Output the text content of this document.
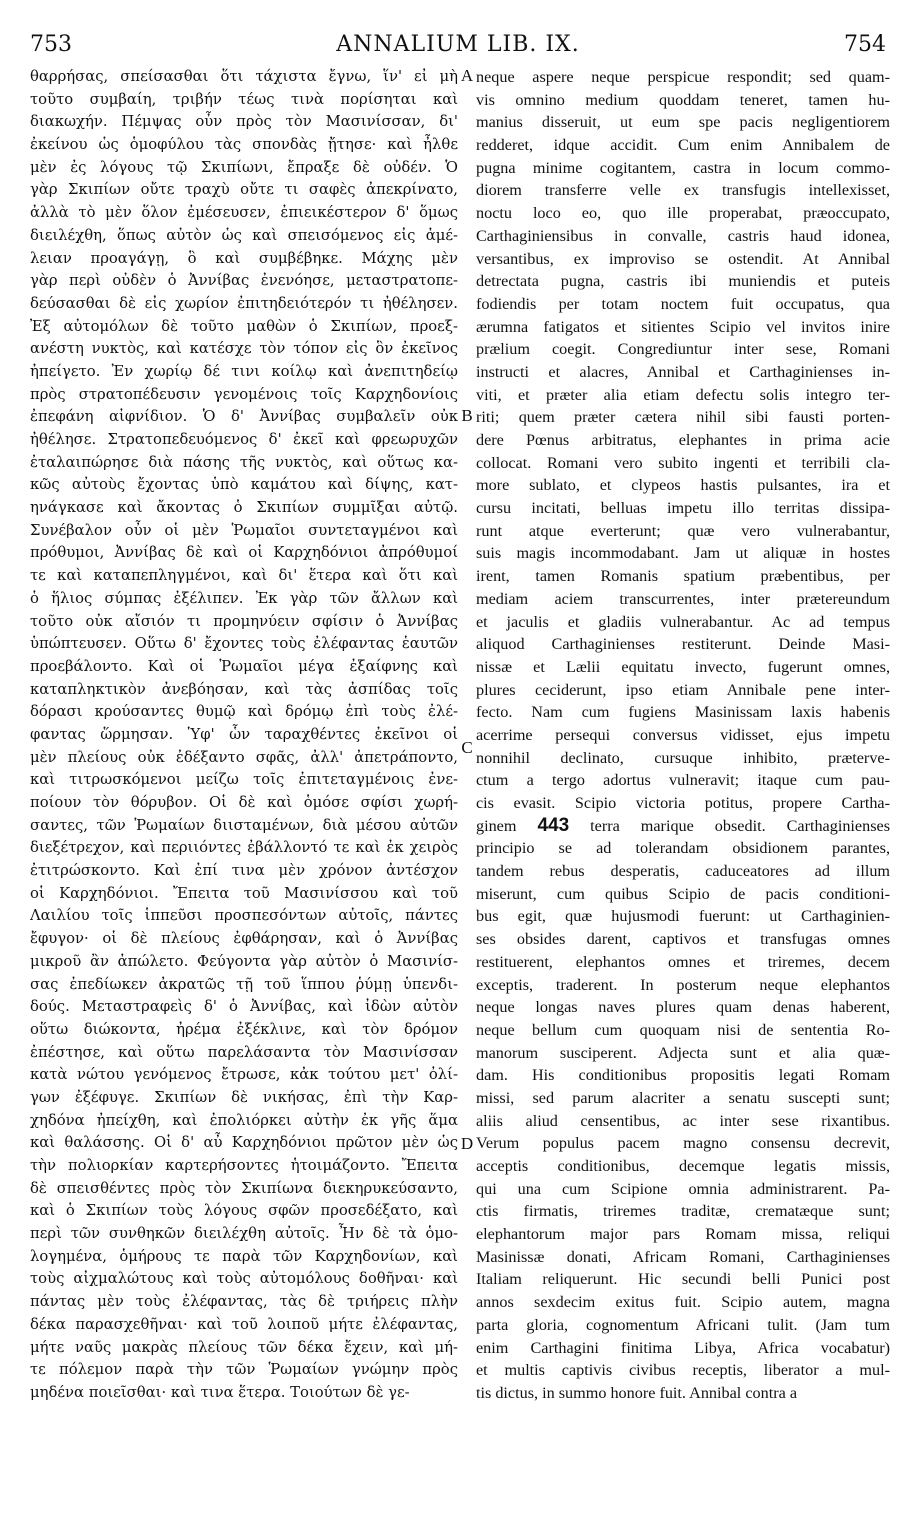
753	ANNALIUM LIB. IX.	754
θαρρήσας, σπείσασθαι ὅτι τάχιστα ἔγνω, ἵν' εἰ μὴ
τοῦτο συμβαίη, τριβήν τέως τινὰ πορίσηται καὶ
διακωχήν. Πέμψας οὖν πρὸς τὸν Μασινίσσαν, δι'
ἐκείνου ὡς ὁμοφύλου τὰς σπονδὰς ᾔτησε· καὶ ἦλθε
μὲν ἐς λόγους τῷ Σκιπίωνι, ἔπραξε δὲ οὐδέν. Ὁ
γὰρ Σκιπίων οὔτε τραχὺ οὔτε τι σαφὲς ἀπεκρίνατο,
ἀλλὰ τὸ μὲν ὅλον ἐμέσευσεν, ἐπιεικέστερον δ' ὅμως
διειλέχθη, ὅπως αὐτὸν ὡς καὶ σπεισόμενος εἰς ἀμέ-
λειαν προαγάγῃ, ὃ καὶ συμβέβηκε. Μάχης μὲν
γὰρ περὶ οὐδὲν ὁ Ἀννίβας ἐνενόησε, μεταστρατοπε-
δεύσασθαι δὲ εἰς χωρίον ἐπιτηδειότερόν τι ἠθέλησεν.
Ἐξ αὐτομόλων δὲ τοῦτο μαθὼν ὁ Σκιπίων, προεξ-
ανέστη νυκτὸς, καὶ κατέσχε τὸν τόπον εἰς ὃν ἐκεῖνος
ἠπείγετο. Ἐν χωρίῳ δέ τινι κοίλῳ καὶ ἀνεπιτηδείῳ
πρὸς στρατοπέδευσιν γενομένοις τοῖς Καρχηδονίοις
ἐπεφάνη αἰφνίδιον. Ὁ δ' Ἀννίβας συμβαλεῖν οὐκ
ἠθέλησε. Στρατοπεδευόμενος δ' ἐκεῖ καὶ φρεωρυχῶν
ἐταλαιπώρησε διὰ πάσης τῆς νυκτὸς, καὶ οὕτως κα-
κῶς αὐτοὺς ἔχοντας ὑπὸ καμάτου καὶ δίψης, κατ-
ηνάγκασε καὶ ἄκοντας ὁ Σκιπίων συμμῖξαι αὐτῷ.
Συνέβαλον οὖν οἱ μὲν Ῥωμαῖοι συντεταγμένοι καὶ
πρόθυμοι, Ἀννίβας δὲ καὶ οἱ Καρχηδόνιοι ἀπρόθυμοί
τε καὶ καταπεπληγμένοι, καὶ δι' ἕτερα καὶ ὅτι καὶ
ὁ ἥλιος σύμπας ἐξέλιπεν. Ἐκ γὰρ τῶν ἄλλων καὶ
τοῦτο οὐκ αἴσιόν τι προμηνύειν σφίσιν ὁ Ἀννίβας
ὑπώπτευσεν. Οὕτω δ' ἔχοντες τοὺς ἐλέφαντας ἑαυτῶν
προεβάλοντο. Καὶ οἱ Ῥωμαῖοι μέγα ἐξαίφνης καὶ
καταπληκτικὸν ἀνεβόησαν, καὶ τὰς ἀσπίδας τοῖς
δόρασι κρούσαντες θυμῷ καὶ δρόμῳ ἐπὶ τοὺς ἐλέ-
φαντας ὥρμησαν. Ὑφ' ὧν ταραχθέντες ἐκεῖνοι οἱ
μὲν πλείους οὐκ ἐδέξαντο σφᾶς, ἀλλ' ἀπετράποντο,
καὶ τιτρωσκόμενοι μείζω τοῖς ἐπιτεταγμένοις ἐνε-
ποίουν τὸν θόρυβον. Οἱ δὲ καὶ ὁμόσε σφίσι χωρή-
σαντες, τῶν Ῥωμαίων διισταμένων, διὰ μέσου αὐτῶν
διεξέτρεχον, καὶ περιιόντες ἐβάλλοντό τε καὶ ἐκ χειρὸς
ἐτιτρώσκοντο. Καὶ ἐπί τινα μὲν χρόνον ἀντέσχον
οἱ Καρχηδόνιοι. Ἔπειτα τοῦ Μασινίσσου καὶ τοῦ
Λαιλίου τοῖς ἱππεῦσι προσπεσόντων αὐτοῖς, πάντες
ἔφυγον· οἱ δὲ πλείους ἐφθάρησαν, καὶ ὁ Ἀννίβας
μικροῦ ἂν ἀπώλετο. Φεύγοντα γὰρ αὐτὸν ὁ Μασινίσ-
σας ἐπεδίωκεν ἀκρατῶς τῇ τοῦ ἵππου ῥύμῃ ὑπενδι-
δούς. Μεταστραφεὶς δ' ὁ Ἀννίβας, καὶ ἰδὼν αὐτὸν
οὕτω διώκοντα, ἠρέμα ἐξέκλινε, καὶ τὸν δρόμον
ἐπέστησε, καὶ οὕτω παρελάσαντα τὸν Μασινίσσαν
κατὰ νώτου γενόμενος ἔτρωσε, κἀκ τούτου μετ' ὀλί-
γων ἐξέφυγε. Σκιπίων δὲ νικήσας, ἐπὶ τὴν Καρ-
χηδόνα ἠπείχθη, καὶ ἐπολιόρκει αὐτὴν ἐκ γῆς ἅμα
καὶ θαλάσσης. Οἱ δ' αὖ Καρχηδόνιοι πρῶτον μὲν ὡς
τὴν πολιορκίαν καρτερήσοντες ἡτοιμάζοντο. Ἔπειτα
δὲ σπεισθέντες πρὸς τὸν Σκιπίωνα διεκηρυκεύσαντο,
καὶ ὁ Σκιπίων τοὺς λόγους σφῶν προσεδέξατο, καὶ
περὶ τῶν συνθηκῶν διειλέχθη αὐτοῖς. Ἦν δὲ τὰ ὁμο-
λογημένα, ὁμήρους τε παρὰ τῶν Καρχηδονίων, καὶ
τοὺς αἰχμαλώτους καὶ τοὺς αὐτομόλους δοθῆναι· καὶ
πάντας μὲν τοὺς ἐλέφαντας, τὰς δὲ τριήρεις πλὴν
δέκα παρασχεθῆναι· καὶ τοῦ λοιποῦ μήτε ἐλέφαντας,
μήτε ναῦς μακρὰς πλείους τῶν δέκα ἔχειν, καὶ μή-
τε πόλεμον παρὰ τὴν τῶν Ῥωμαίων γνώμην πρὸς
μηδένα ποιεῖσθαι· καὶ τινα ἕτερα. Τοιούτων δὲ γε-
neque aspere neque perspicue respondit; sed quam-
vis omnino medium quoddam teneret, tamen hu-
manius disseruit, ut eum spe pacis negligentiorem
redderet, idque accidit. Cum enim Annibalem de
pugna minime cogitantem, castra in locum commo-
diorem transferre velle ex transfugis intellexisset,
noctu loco eo, quo ille properabat, præoccupato,
Carthaginiensibus in convalle, castris haud idonea,
versantibus, ex improviso se ostendit. At Annibal
detrectata pugna, castris ibi muniendis et puteis
fodiendis per totam noctem fuit occupatus, qua
ærumna fatigatos et sitientes Scipio vel invitos inire
prælium coegit. Congrediuntur inter sese, Romani
instructi et alacres, Annibal et Carthaginienses in-
viti, et præter alia etiam defectu solis integro ter-
riti; quem præter cætera nihil sibi fausti porten-
dere Pœnus arbitratus, elephantes in prima acie
collocat. Romani vero subito ingenti et terribili cla-
more sublato, et clypeos hastis pulsantes, ira et
cursu incitati, belluas impetu illo territas dissipa-
runt atque everterunt; quæ vero vulnerabantur,
suis magis incommodabant. Jam ut aliquæ in hostes
irent, tamen Romanis spatium præbentibus, per
mediam aciem transcurrentes, inter prætereundum
et jaculis et gladiis vulnerabantur. Ac ad tempus
aliquod Carthaginienses restiterunt. Deinde Masi-
nissæ et Lælii equitatu invecto, fugerunt omnes,
plures ceciderunt, ipso etiam Annibale pene inter-
fecto. Nam cum fugiens Masinissam laxis habenis
acerrime persequi conversus vidisset, ejus impetu
nonnihil declinato, cursuque inhibito, prætervе-
ctum a tergo adortus vulneravit; itaque cum pau-
cis evasit. Scipio victoria potitus, propere Cartha-
ginem 443 terra marique obsedit. Carthaginienses
principio se ad tolerandam obsidionem parantes,
tandem rebus desperatis, caduceatores ad illum
miserunt, cum quibus Scipio de pacis conditioni-
bus egit, quæ hujusmodi fuerunt: ut Carthaginien-
ses obsides darent, captivos et transfugas omnes
restituerent, elephantos omnes et triremes, decem
exceptis, traderent. In posterum neque elephantos
neque longas naves plures quam denas haberent,
neque bellum cum quoquam nisi de sententia Ro-
manorum susciperent. Adjecta sunt et alia quæ-
dam. His conditionibus propositis legati Romam
missi, sed parum alacriter a senatu suscepti sunt;
aliis aliud censentibus, ac inter sese rixantibus.
Verum populus pacem magno consensu decrevit,
acceptis conditionibus, decemque legatis missis,
qui una cum Scipione omnia administrarent. Pa-
ctis firmatis, triremes traditæ, crematæque sunt;
elephantorum major pars Romam missa, reliqui
Masinissæ donati, Africam Romani, Carthaginienses
Italiam reliquerunt. Hic secundi belli Punici post
annos sexdecim exitus fuit. Scipio autem, magna
parta gloria, cognomentum Africani tulit. (Jam tum
enim Carthagini finitima Libya, Africa vocabatur)
et multis captivis civibus receptis, liberator a mul-
tis dictus, in summo honore fuit. Annibal contra a
A
B
C
D
